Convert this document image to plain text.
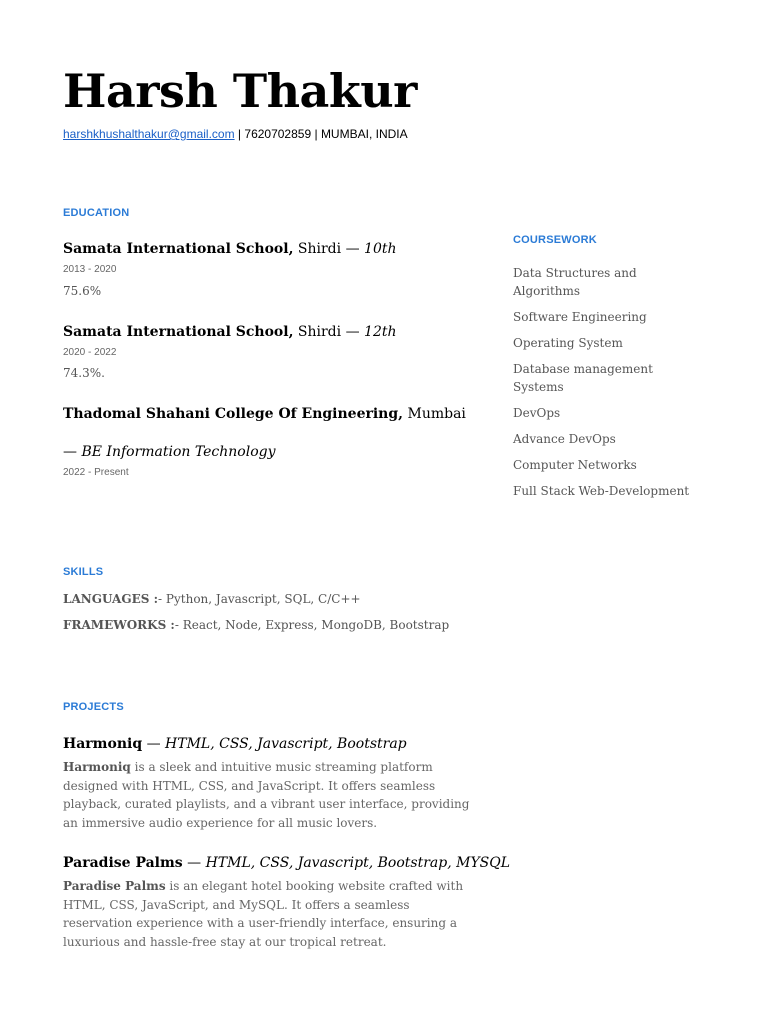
Harsh Thakur
harshkhushalthakur@gmail.com | 7620702859 | MUMBAI, INDIA
EDUCATION
Samata International School, Shirdi — 10th
2013 - 2020
75.6%
Samata International School, Shirdi — 12th
2020 - 2022
74.3%.
Thadomal Shahani College Of Engineering, Mumbai
— BE Information Technology
2022 - Present
COURSEWORK
Data Structures and Algorithms
Software Engineering
Operating System
Database management Systems
DevOps
Advance DevOps
Computer Networks
Full Stack Web-Development
SKILLS
LANGUAGES :- Python, Javascript, SQL, C/C++
FRAMEWORKS :- React, Node, Express, MongoDB, Bootstrap
PROJECTS
Harmoniq — HTML, CSS, Javascript, Bootstrap

Harmoniq is a sleek and intuitive music streaming platform designed with HTML, CSS, and JavaScript. It offers seamless playback, curated playlists, and a vibrant user interface, providing an immersive audio experience for all music lovers.

Paradise Palms — HTML, CSS, Javascript, Bootstrap, MYSQL

Paradise Palms is an elegant hotel booking website crafted with HTML, CSS, JavaScript, and MySQL. It offers a seamless reservation experience with a user-friendly interface, ensuring a luxurious and hassle-free stay at our tropical retreat.
